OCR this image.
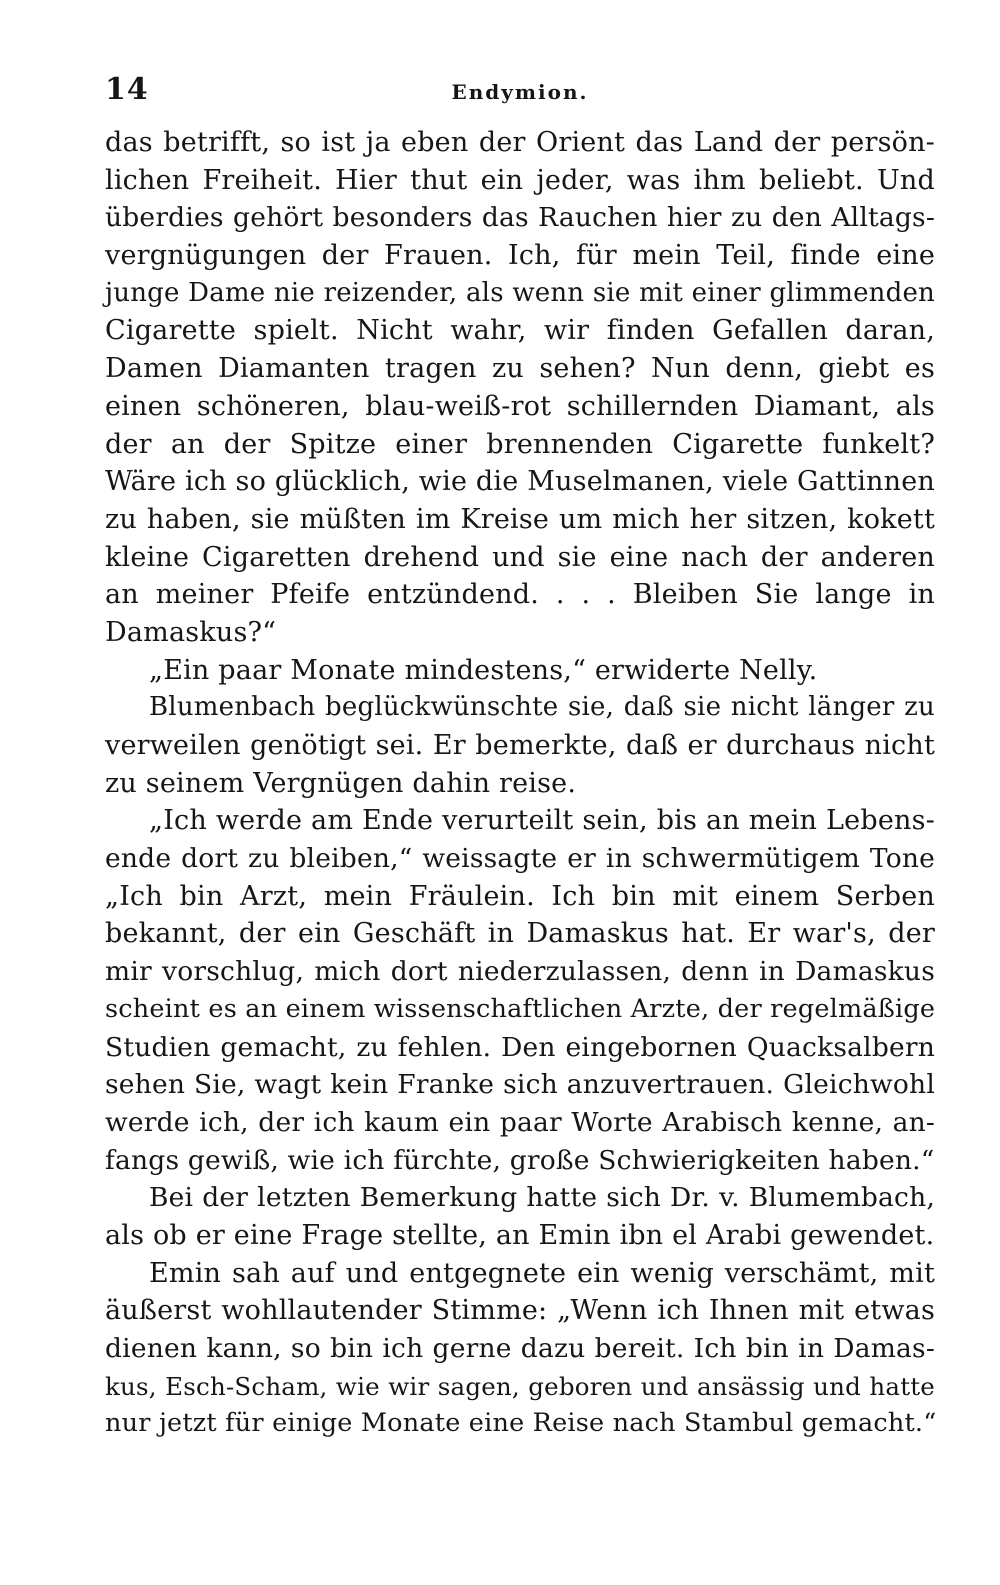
14	Endymion.
das betrifft, so ist ja eben der Orient das Land der persön-
lichen Freiheit. Hier thut ein jeder, was ihm beliebt. Und
überdies gehört besonders das Rauchen hier zu den Alltags-
vergnügungen der Frauen. Ich, für mein Teil, finde eine
junge Dame nie reizender, als wenn sie mit einer glimmenden
Cigarette spielt. Nicht wahr, wir finden Gefallen daran,
Damen Diamanten tragen zu sehen? Nun denn, giebt es
einen schöneren, blau-weiß-rot schillernden Diamant, als
der an der Spitze einer brennenden Cigarette funkelt?
Wäre ich so glücklich, wie die Muselmanen, viele Gattinnen
zu haben, sie müßten im Kreise um mich her sitzen, kokett
kleine Cigaretten drehend und sie eine nach der anderen
an meiner Pfeife entzündend. . . . Bleiben Sie lange in
Damaskus?“
„Ein paar Monate mindestens,“ erwiderte Nelly.
Blumenbach beglückwünschte sie, daß sie nicht länger zu
verweilen genötigt sei. Er bemerkte, daß er durchaus nicht
zu seinem Vergnügen dahin reise.
„Ich werde am Ende verurteilt sein, bis an mein Lebens-
ende dort zu bleiben,“ weissagte er in schwermütigem Tone
„Ich bin Arzt, mein Fräulein. Ich bin mit einem Serben
bekannt, der ein Geschäft in Damaskus hat. Er war's, der
mir vorschlug, mich dort niederzulassen, denn in Damaskus
scheint es an einem wissenschaftlichen Arzte, der regelmäßige
Studien gemacht, zu fehlen. Den eingebornen Quacksalbern
sehen Sie, wagt kein Franke sich anzuvertrauen. Gleichwohl
werde ich, der ich kaum ein paar Worte Arabisch kenne, an-
fangs gewiß, wie ich fürchte, große Schwierigkeiten haben.“
Bei der letzten Bemerkung hatte sich Dr. v. Blumembach,
als ob er eine Frage stellte, an Emin ibn el Arabi gewendet.
Emin sah auf und entgegnete ein wenig verschämt, mit
äußerst wohllautender Stimme: „Wenn ich Ihnen mit etwas
dienen kann, so bin ich gerne dazu bereit. Ich bin in Damas-
kus, Esch-Scham, wie wir sagen, geboren und ansässig und hatte
nur jetzt für einige Monate eine Reise nach Stambul gemacht.“
